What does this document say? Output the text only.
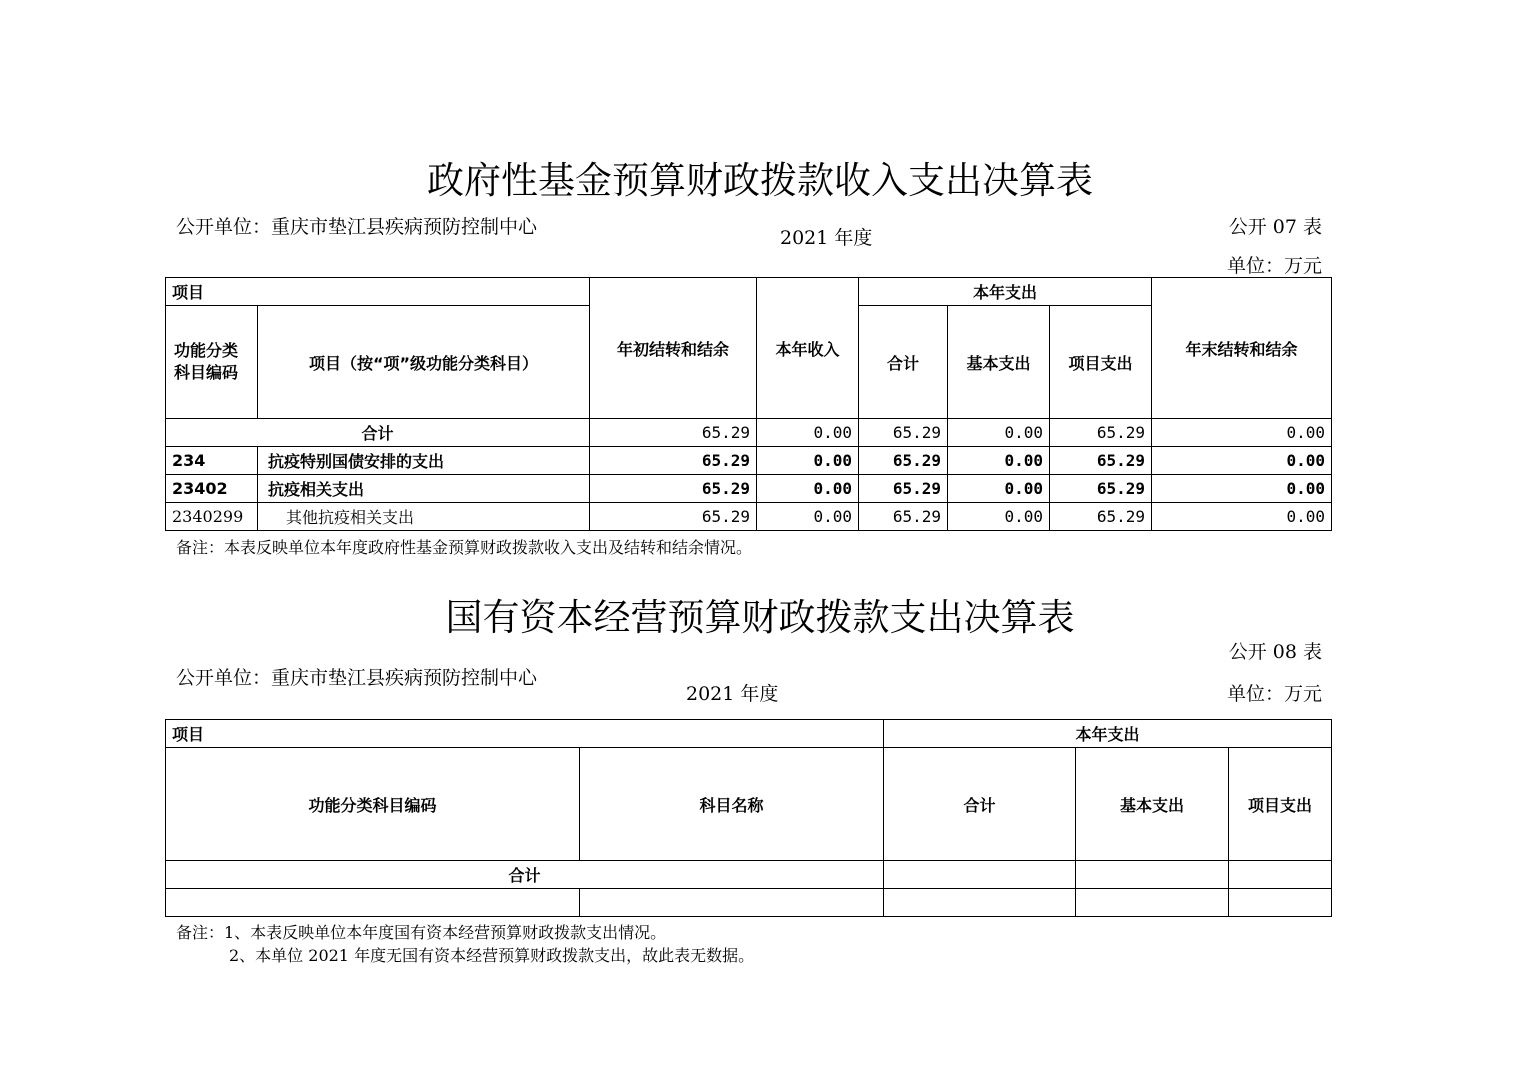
政府性基金预算财政拨款收入支出决算表
公开单位：重庆市垫江县疾病预防控制中心	2021 年度	公开 07 表
单位：万元
项目		年初结转和结余	本年收入	本年支出			年末结转和结余
功能分类科目编码	项目（按“项”级功能分类科目）			合计	基本支出	项目支出	
合计		65.29	0.00	65.29	0.00	65.29	0.00
234	抗疫特别国债安排的支出	65.29	0.00	65.29	0.00	65.29	0.00
23402	抗疫相关支出	65.29	0.00	65.29	0.00	65.29	0.00
2340299	其他抗疫相关支出	65.29	0.00	65.29	0.00	65.29	0.00
备注：本表反映单位本年度政府性基金预算财政拨款收入支出及结转和结余情况。
国有资本经营预算财政拨款支出决算表
公开 08 表
公开单位：重庆市垫江县疾病预防控制中心
2021 年度	单位：万元
项目		本年支出		
功能分类科目编码	科目名称	合计	基本支出	项目支出
合计				

备注：1、本表反映单位本年度国有资本经营预算财政拨款支出情况。
2、本单位 2021 年度无国有资本经营预算财政拨款支出，故此表无数据。
